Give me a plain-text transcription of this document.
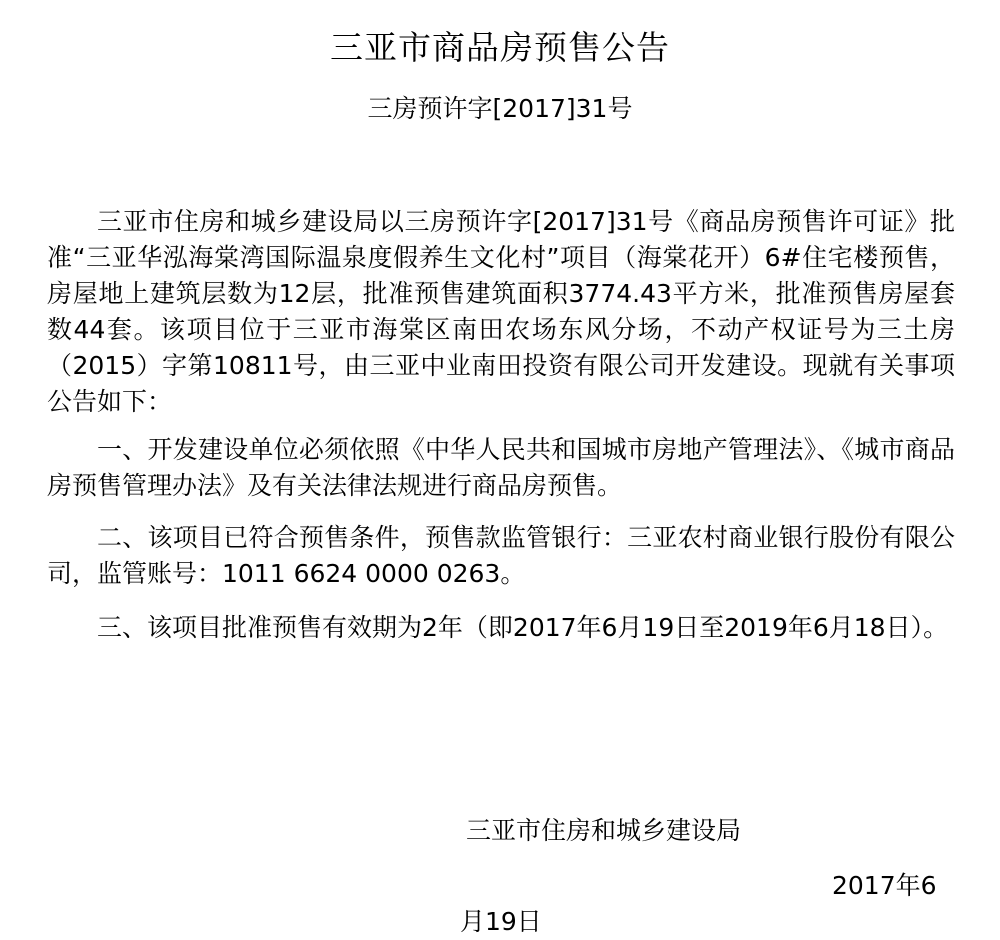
三亚市商品房预售公告
三房预许字[2017]31号

三亚市住房和城乡建设局以三房预许字[2017]31号《商品房预售许可证》批准“三亚华泓海棠湾国际温泉度假养生文化村”项目（海棠花开）6#住宅楼预售，房屋地上建筑层数为12层，批准预售建筑面积3774.43平方米，批准预售房屋套数44套。该项目位于三亚市海棠区南田农场东风分场，不动产权证号为三土房（2015）字第10811号，由三亚中业南田投资有限公司开发建设。现就有关事项公告如下：

一、开发建设单位必须依照《中华人民共和国城市房地产管理法》、《城市商品房预售管理办法》及有关法律法规进行商品房预售。

二、该项目已符合预售条件，预售款监管银行：三亚农村商业银行股份有限公司，监管账号：1011 6624 0000 0263。

三、该项目批准预售有效期为2年（即2017年6月19日至2019年6月18日）。

三亚市住房和城乡建设局
2017年6
月19日
